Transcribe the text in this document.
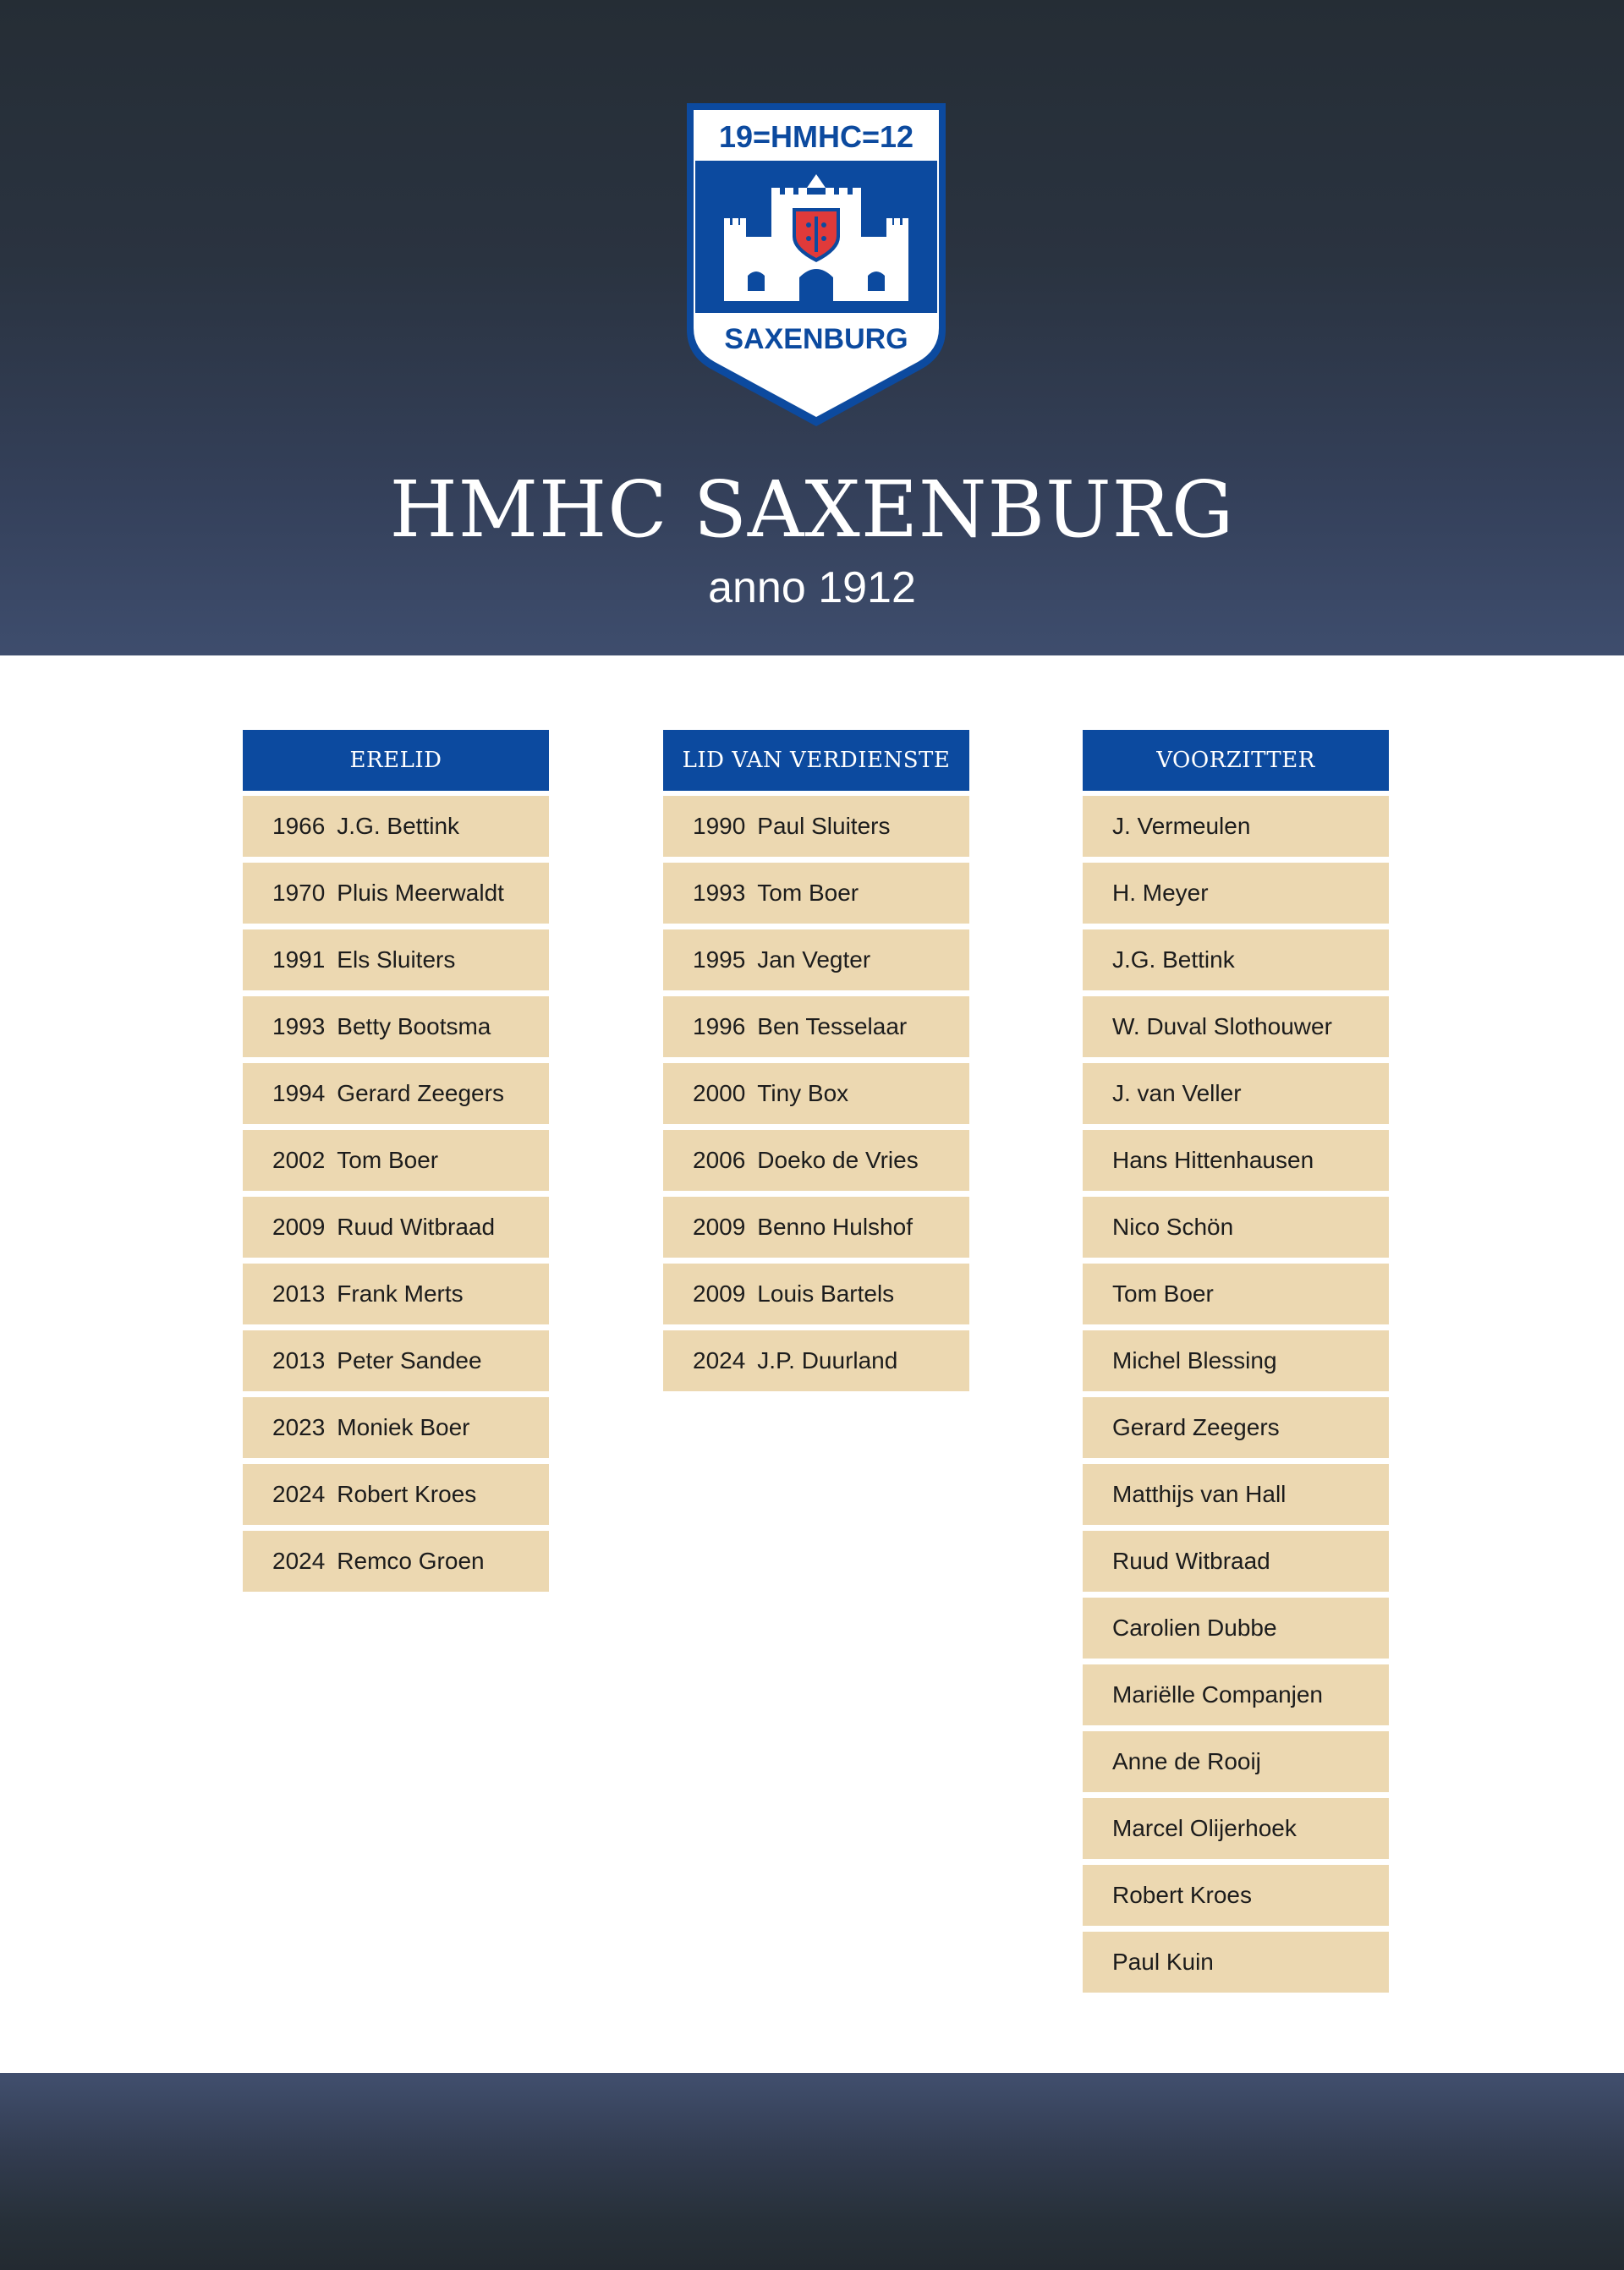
19=HMHC=12
SAXENBURG
HMHC SAXENBURG
anno 1912
ERELID
1966 J.G. Bettink
1970 Pluis Meerwaldt
1991 Els Sluiters
1993 Betty Bootsma
1994 Gerard Zeegers
2002 Tom Boer
2009 Ruud Witbraad
2013 Frank Merts
2013 Peter Sandee
2023 Moniek Boer
2024 Robert Kroes
2024 Remco Groen
LID VAN VERDIENSTE
1990 Paul Sluiters
1993 Tom Boer
1995 Jan Vegter
1996 Ben Tesselaar
2000 Tiny Box
2006 Doeko de Vries
2009 Benno Hulshof
2009 Louis Bartels
2024 J.P. Duurland
VOORZITTER
J. Vermeulen
H. Meyer
J.G. Bettink
W. Duval Slothouwer
J. van Veller
Hans Hittenhausen
Nico Schön
Tom Boer
Michel Blessing
Gerard Zeegers
Matthijs van Hall
Ruud Witbraad
Carolien Dubbe
Mariëlle Companjen
Anne de Rooij
Marcel Olijerhoek
Robert Kroes
Paul Kuin
